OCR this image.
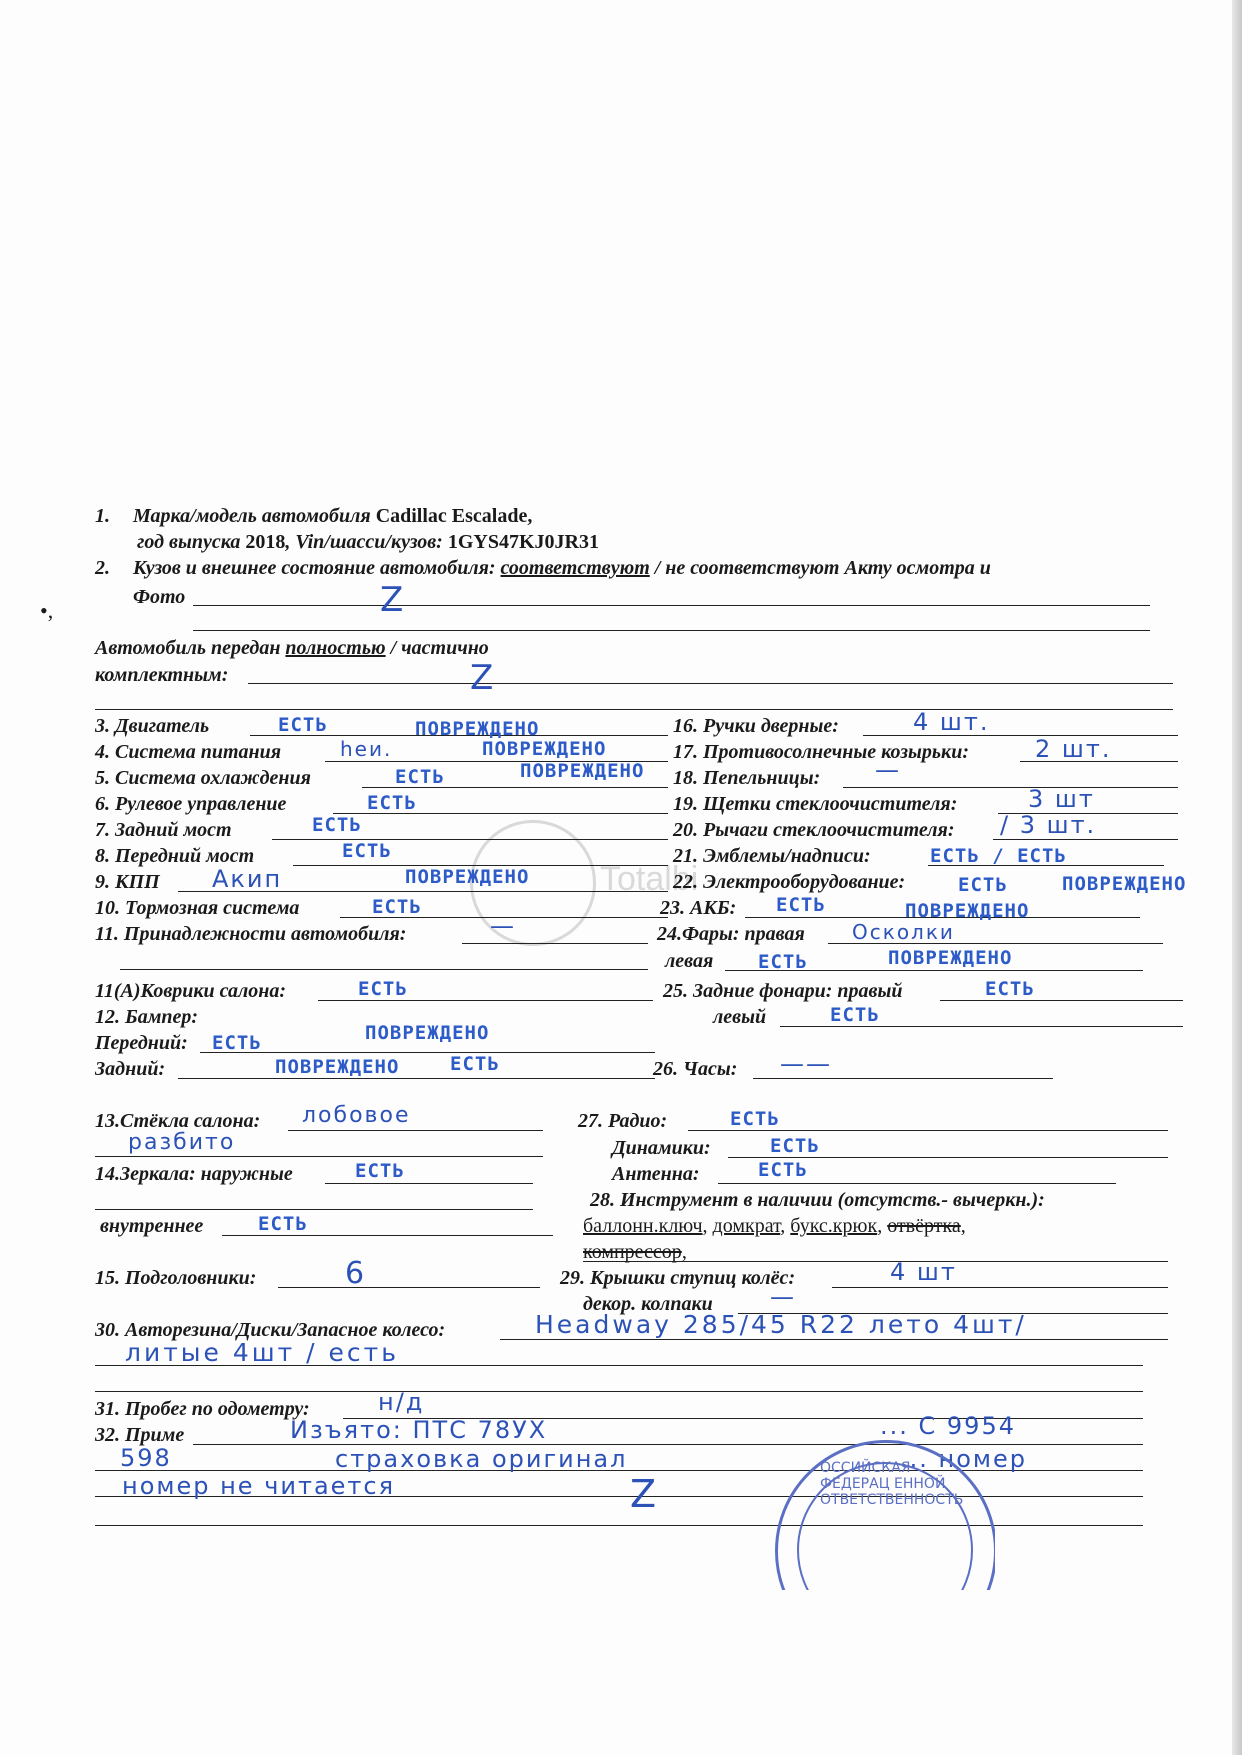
•,
Totalbi
1. Марка/модель автомобиля Cadillac Escalade,
год выпуска 2018, Vin/шасси/кузов: 1GYS47KJ0JR31
2. Кузов и внешнее состояние автомобиля: соответствуют / не соответствуют Акту осмотра и
Фото	Z
Автомобиль передан полностью / частично
комплектным:	Z
3. Двигатель	ЕСТЬ	ПОВРЕЖДЕНО
4. Система питания	hеи.	ПОВРЕЖДЕНО
5. Система охлаждения	ЕСТЬ	ПОВРЕЖДЕНО
6. Рулевое управление	ЕСТЬ
7. Задний мост	ЕСТЬ
8. Передний мост	ЕСТЬ
9. КПП Акип	ПОВРЕЖДЕНО
10. Тормозная система	ЕСТЬ
11. Принадлежности автомобиля:	—
16. Ручки дверные:	4 шт.
17. Противосолнечные козырьки:	2 шт.
18. Пепельницы: —
19. Щетки стеклоочистителя:	3 шт
20. Рычаги стеклоочистителя: / 3 шт.
21. Эмблемы/надписи:	ЕСТЬ / ЕСТЬ
22. Электрооборудование:	ЕСТЬ	ПОВРЕЖДЕНО
23. АКБ: ЕСТЬ	ПОВРЕЖДЕНО
24.Фары: правая Осколки
левая ЕСТЬ	ПОВРЕЖДЕНО
11(А)Коврики салона:	ЕСТЬ	25. Задние фонари: правый	ЕСТЬ
левый	ЕСТЬ
12. Бампер:
Передний: ЕСТЬ	ПОВРЕЖДЕНО
Задний:	ПОВРЕЖДЕНО	ЕСТЬ	26. Часы: ——
13.Стёкла салона: лобовое
разбито
27. Радио:	ЕСТЬ
Динамики:	ЕСТЬ
Антенна:	ЕСТЬ
14.Зеркала: наружные	ЕСТЬ
внутреннее	ЕСТЬ
28. Инструмент в наличии (отсутств.- вычеркн.):
баллонн.ключ, домкрат, букс.крюк, отвёртка,
компрессор,
15. Подголовники:	6	29. Крышки ступиц колёс:	4 шт
декор. колпаки —
30. Авторезина/Диски/Запасное колесо:	Headway 285/45 R22 лето 4шт/
литые 4шт / есть
31. Пробег по одометру:	н/д
32. Приме	Изъято: ПТС 78УХ	... С 9954
598	страховка оригинал	... номер
номер не читается	Z
ОССИЙСКАЯ ФЕДЕРАЦ ЕННОЙ ОТВЕТСТВЕННОСТЬ
